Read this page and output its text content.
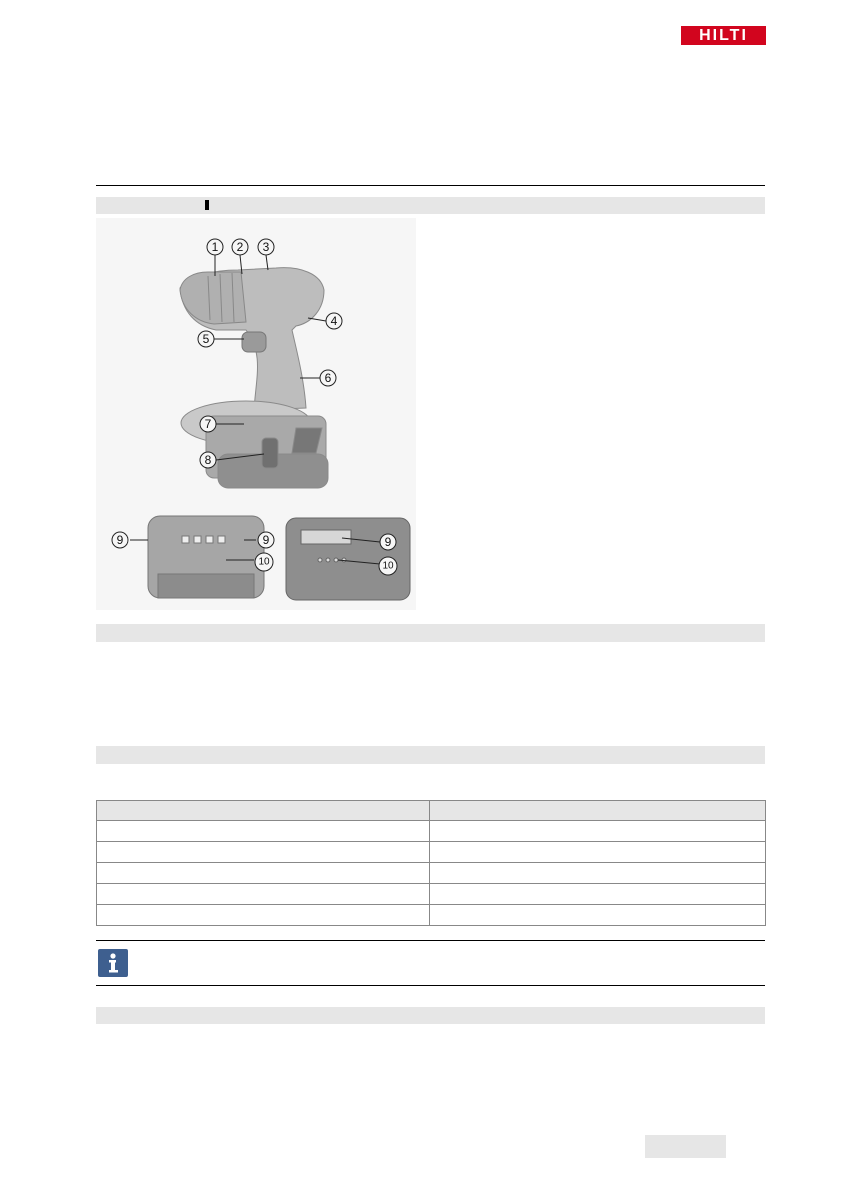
HILTI
1 2 3
4
5
6
7
8
9	9
10
9
10
